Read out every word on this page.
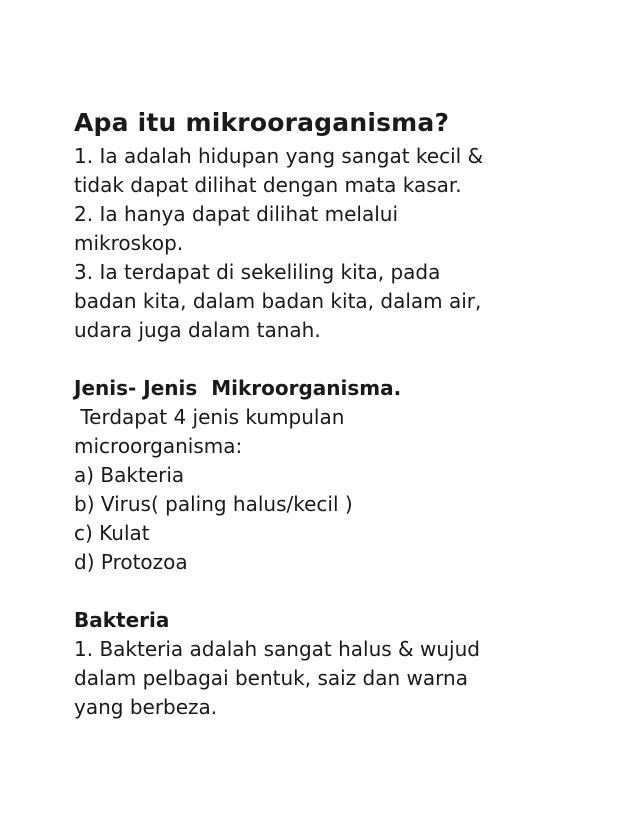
Apa itu mikrooraganisma?

1. Ia adalah hidupan yang sangat kecil &

tidak dapat dilihat dengan mata kasar.

2. Ia hanya dapat dilihat melalui

mikroskop.

3. Ia terdapat di sekeliling kita, pada

badan kita, dalam badan kita, dalam air,

udara juga dalam tanah.

Jenis- Jenis  Mikroorganisma.

Terdapat 4 jenis kumpulan

microorganisma:

a) Bakteria

b) Virus( paling halus/kecil )

c) Kulat

d) Protozoa

Bakteria

1. Bakteria adalah sangat halus & wujud

dalam pelbagai bentuk, saiz dan warna

yang berbeza.
